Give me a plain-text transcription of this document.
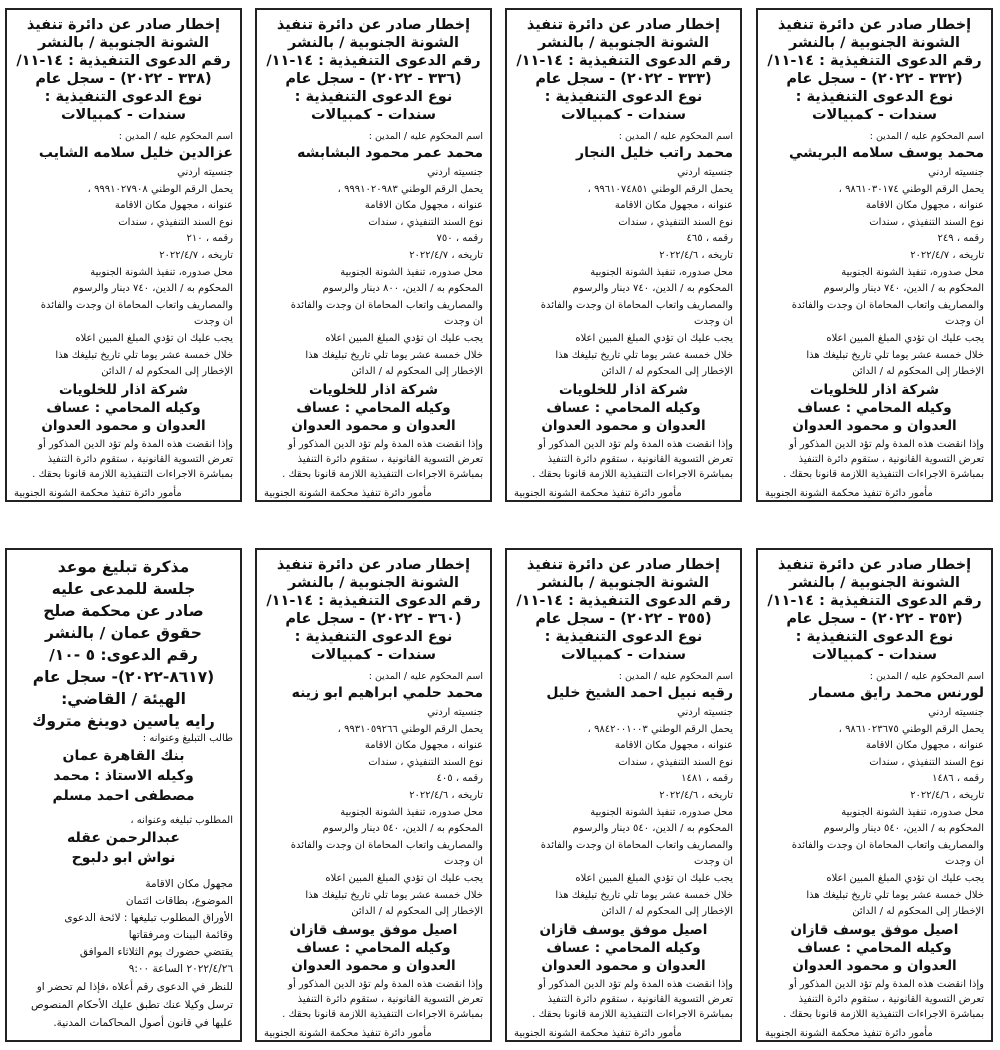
إخطار صادر عن دائرة تنفيذ
الشونة الجنوبية / بالنشر
رقم الدعوى التنفيذية : ١٤-١١/
(٣٣٢ - ٢٠٢٢) - سجل عام
نوع الدعوى التنفيذية :
سندات - كمبيالات
اسم المحكوم عليه / المدين :
محمد يوسف سلامه البريشي
جنسيته اردني
يحمل الرقم الوطني ٩٨٦١٠٣٠١٧٤ ،
عنوانه ، مجهول مكان الاقامة
نوع السند التنفيذي ، سندات
رقمه ، ٢٤٩
تاريخه ، ٢٠٢٢/٤/٧
محل صدوره، تنفيذ الشونة الجنوبية
المحكوم به / الدين، ٧٤٠ دينار والرسوم
والمصاريف واتعاب المحاماة ان وجدت والفائدة
ان وجدت
يجب عليك ان تؤدي المبلغ المبين اعلاه
خلال خمسة عشر يوما تلي تاريخ تبليغك هذا
الإخطار إلى المحكوم له / الدائن
شركة اذار للخلويات
وكيله المحامي : عساف
العدوان و محمود العدوان
وإذا انقضت هذه المدة ولم تؤد الدين المذكور أو تعرض التسوية القانونية ، ستقوم دائرة التنفيذ بمباشرة الاجراءات التنفيذية اللازمة قانونا بحقك .
مأمور دائرة تنفيذ محكمة الشونة الجنوبية
إخطار صادر عن دائرة تنفيذ
الشونة الجنوبية / بالنشر
رقم الدعوى التنفيذية : ١٤-١١/
(٣٣٣ - ٢٠٢٢) - سجل عام
نوع الدعوى التنفيذية :
سندات - كمبيالات
اسم المحكوم عليه / المدين :
محمد راتب خليل النجار
جنسيته اردني
يحمل الرقم الوطني ٩٩٦١٠٧٤٨٥١ ،
عنوانه ، مجهول مكان الاقامة
نوع السند التنفيذي ، سندات
رقمه ، ٤٦٥
تاريخه ، ٢٠٢٢/٤/٦
محل صدوره، تنفيذ الشونة الجنوبية
المحكوم به / الدين، ٧٤٠ دينار والرسوم
والمصاريف واتعاب المحاماة ان وجدت والفائدة
ان وجدت
يجب عليك ان تؤدي المبلغ المبين اعلاه
خلال خمسة عشر يوما تلي تاريخ تبليغك هذا
الإخطار إلى المحكوم له / الدائن
شركة اذار للخلويات
وكيله المحامي : عساف
العدوان و محمود العدوان
وإذا انقضت هذه المدة ولم تؤد الدين المذكور أو تعرض التسوية القانونية ، ستقوم دائرة التنفيذ بمباشرة الاجراءات التنفيذية اللازمة قانونا بحقك .
مأمور دائرة تنفيذ محكمة الشونة الجنوبية
إخطار صادر عن دائرة تنفيذ
الشونة الجنوبية / بالنشر
رقم الدعوى التنفيذية : ١٤-١١/
(٣٣٦ - ٢٠٢٢) - سجل عام
نوع الدعوى التنفيذية :
سندات - كمبيالات
اسم المحكوم عليه / المدين :
محمد عمر محمود البشابشه
جنسيته اردني
يحمل الرقم الوطني ٩٩٩١٠٢٠٩٨٣ ،
عنوانه ، مجهول مكان الاقامة
نوع السند التنفيذي ، سندات
رقمه ، ٧٥٠
تاريخه ، ٢٠٢٢/٤/٧
محل صدوره، تنفيذ الشونة الجنوبية
المحكوم به / الدين، ٨٠٠ دينار والرسوم
والمصاريف واتعاب المحاماة ان وجدت والفائدة
ان وجدت
يجب عليك ان تؤدي المبلغ المبين اعلاه
خلال خمسة عشر يوما تلي تاريخ تبليغك هذا
الإخطار إلى المحكوم له / الدائن
شركة اذار للخلويات
وكيله المحامي : عساف
العدوان و محمود العدوان
وإذا انقضت هذه المدة ولم تؤد الدين المذكور أو تعرض التسوية القانونية ، ستقوم دائرة التنفيذ بمباشرة الاجراءات التنفيذية اللازمة قانونا بحقك .
مأمور دائرة تنفيذ محكمة الشونة الجنوبية
إخطار صادر عن دائرة تنفيذ
الشونة الجنوبية / بالنشر
رقم الدعوى التنفيذية : ١٤-١١/
(٣٣٨ - ٢٠٢٢) - سجل عام
نوع الدعوى التنفيذية :
سندات - كمبيالات
اسم المحكوم عليه / المدين :
عزالدين خليل سلامه الشايب
جنسيته اردني
يحمل الرقم الوطني ٩٩٩١٠٢٧٩٠٨ ،
عنوانه ، مجهول مكان الاقامة
نوع السند التنفيذي ، سندات
رقمه ، ٢١٠
تاريخه ، ٢٠٢٢/٤/٧
محل صدوره، تنفيذ الشونة الجنوبية
المحكوم به / الدين، ٧٤٠ دينار والرسوم
والمصاريف واتعاب المحاماة ان وجدت والفائدة
ان وجدت
يجب عليك ان تؤدي المبلغ المبين اعلاه
خلال خمسة عشر يوما تلي تاريخ تبليغك هذا
الإخطار إلى المحكوم له / الدائن
شركة اذار للخلويات
وكيله المحامي : عساف
العدوان و محمود العدوان
وإذا انقضت هذه المدة ولم تؤد الدين المذكور أو تعرض التسوية القانونية ، ستقوم دائرة التنفيذ بمباشرة الاجراءات التنفيذية اللازمة قانونا بحقك .
مأمور دائرة تنفيذ محكمة الشونة الجنوبية
إخطار صادر عن دائرة تنفيذ
الشونة الجنوبية / بالنشر
رقم الدعوى التنفيذية : ١٤-١١/
(٣٥٣ - ٢٠٢٢) - سجل عام
نوع الدعوى التنفيذية :
سندات - كمبيالات
اسم المحكوم عليه / المدين :
لورنس محمد رايق مسمار
جنسيته اردني
يحمل الرقم الوطني ٩٨٦١٠٢٣٦٧٥ ،
عنوانه ، مجهول مكان الاقامة
نوع السند التنفيذي ، سندات
رقمه ، ١٤٨٦
تاريخه ، ٢٠٢٢/٤/٦
محل صدوره، تنفيذ الشونة الجنوبية
المحكوم به / الدين، ٥٤٠ دينار والرسوم
والمصاريف واتعاب المحاماة ان وجدت والفائدة
ان وجدت
يجب عليك ان تؤدي المبلغ المبين اعلاه
خلال خمسة عشر يوما تلي تاريخ تبليغك هذا
الإخطار إلى المحكوم له / الدائن
اصيل موفق يوسف قازان
وكيله المحامي : عساف
العدوان و محمود العدوان
وإذا انقضت هذه المدة ولم تؤد الدين المذكور أو تعرض التسوية القانونية ، ستقوم دائرة التنفيذ بمباشرة الاجراءات التنفيذية اللازمة قانونا بحقك .
مأمور دائرة تنفيذ محكمة الشونة الجنوبية
إخطار صادر عن دائرة تنفيذ
الشونة الجنوبية / بالنشر
رقم الدعوى التنفيذية : ١٤-١١/
(٣٥٥ - ٢٠٢٢) - سجل عام
نوع الدعوى التنفيذية :
سندات - كمبيالات
اسم المحكوم عليه / المدين :
رقيه نبيل احمد الشيخ خليل
جنسيته اردني
يحمل الرقم الوطني ٩٨٤٢٠٠١٠٠٣ ،
عنوانه ، مجهول مكان الاقامة
نوع السند التنفيذي ، سندات
رقمه ، ١٤٨١
تاريخه ، ٢٠٢٢/٤/٦
محل صدوره، تنفيذ الشونة الجنوبية
المحكوم به / الدين، ٥٤٠ دينار والرسوم
والمصاريف واتعاب المحاماة ان وجدت والفائدة
ان وجدت
يجب عليك ان تؤدي المبلغ المبين اعلاه
خلال خمسة عشر يوما تلي تاريخ تبليغك هذا
الإخطار إلى المحكوم له / الدائن
اصيل موفق يوسف قازان
وكيله المحامي : عساف
العدوان و محمود العدوان
وإذا انقضت هذه المدة ولم تؤد الدين المذكور أو تعرض التسوية القانونية ، ستقوم دائرة التنفيذ بمباشرة الاجراءات التنفيذية اللازمة قانونا بحقك .
مأمور دائرة تنفيذ محكمة الشونة الجنوبية
إخطار صادر عن دائرة تنفيذ
الشونة الجنوبية / بالنشر
رقم الدعوى التنفيذية : ١٤-١١/
(٣٦٠ - ٢٠٢٢) - سجل عام
نوع الدعوى التنفيذية :
سندات - كمبيالات
اسم المحكوم عليه / المدين :
محمد حلمي ابراهيم ابو زينه
جنسيته اردني
يحمل الرقم الوطني ٩٩٣١٠٥٩٢٦٦ ،
عنوانه ، مجهول مكان الاقامة
نوع السند التنفيذي ، سندات
رقمه ، ٤٠٥
تاريخه ، ٢٠٢٢/٤/٦
محل صدوره، تنفيذ الشونة الجنوبية
المحكوم به / الدين، ٥٤٠ دينار والرسوم
والمصاريف واتعاب المحاماة ان وجدت والفائدة
ان وجدت
يجب عليك ان تؤدي المبلغ المبين اعلاه
خلال خمسة عشر يوما تلي تاريخ تبليغك هذا
الإخطار إلى المحكوم له / الدائن
اصيل موفق يوسف قازان
وكيله المحامي : عساف
العدوان و محمود العدوان
وإذا انقضت هذه المدة ولم تؤد الدين المذكور أو تعرض التسوية القانونية ، ستقوم دائرة التنفيذ بمباشرة الاجراءات التنفيذية اللازمة قانونا بحقك .
مأمور دائرة تنفيذ محكمة الشونة الجنوبية
مذكرة تبليغ موعد
جلسة للمدعى عليه
صادر عن محكمة صلح
حقوق عمان / بالنشر
رقم الدعوى: ٥ -١٠/
(٨٦١٧-٢٠٢٢)- سجل عام
الهيئة / القاضي:
رايه ياسين دوينغ متروك
طالب التبليغ وعنوانه :
بنك القاهرة عمان
وكيله الاستاذ : محمد
مصطفى احمد مسلم
المطلوب تبليغه وعنوانه ،
عبدالرحمن عقله
نواش ابو دلبوح
مجهول مكان الاقامة
الموضوع، بطاقات ائتمان
الأوراق المطلوب تبليغها : لائحة الدعوى
وقائمة البينات ومرفقاتها
يقتضي حضورك يوم الثلاثاء الموافق
٢٠٢٢/٤/٢٦ الساعة ٩:٠٠
للنظر في الدعوى رقم أعلاه ،فإذا لم تحضر او ترسل وكيلا عنك تطبق عليك الأحكام المنصوص عليها في قانون أصول المحاكمات المدنية.
